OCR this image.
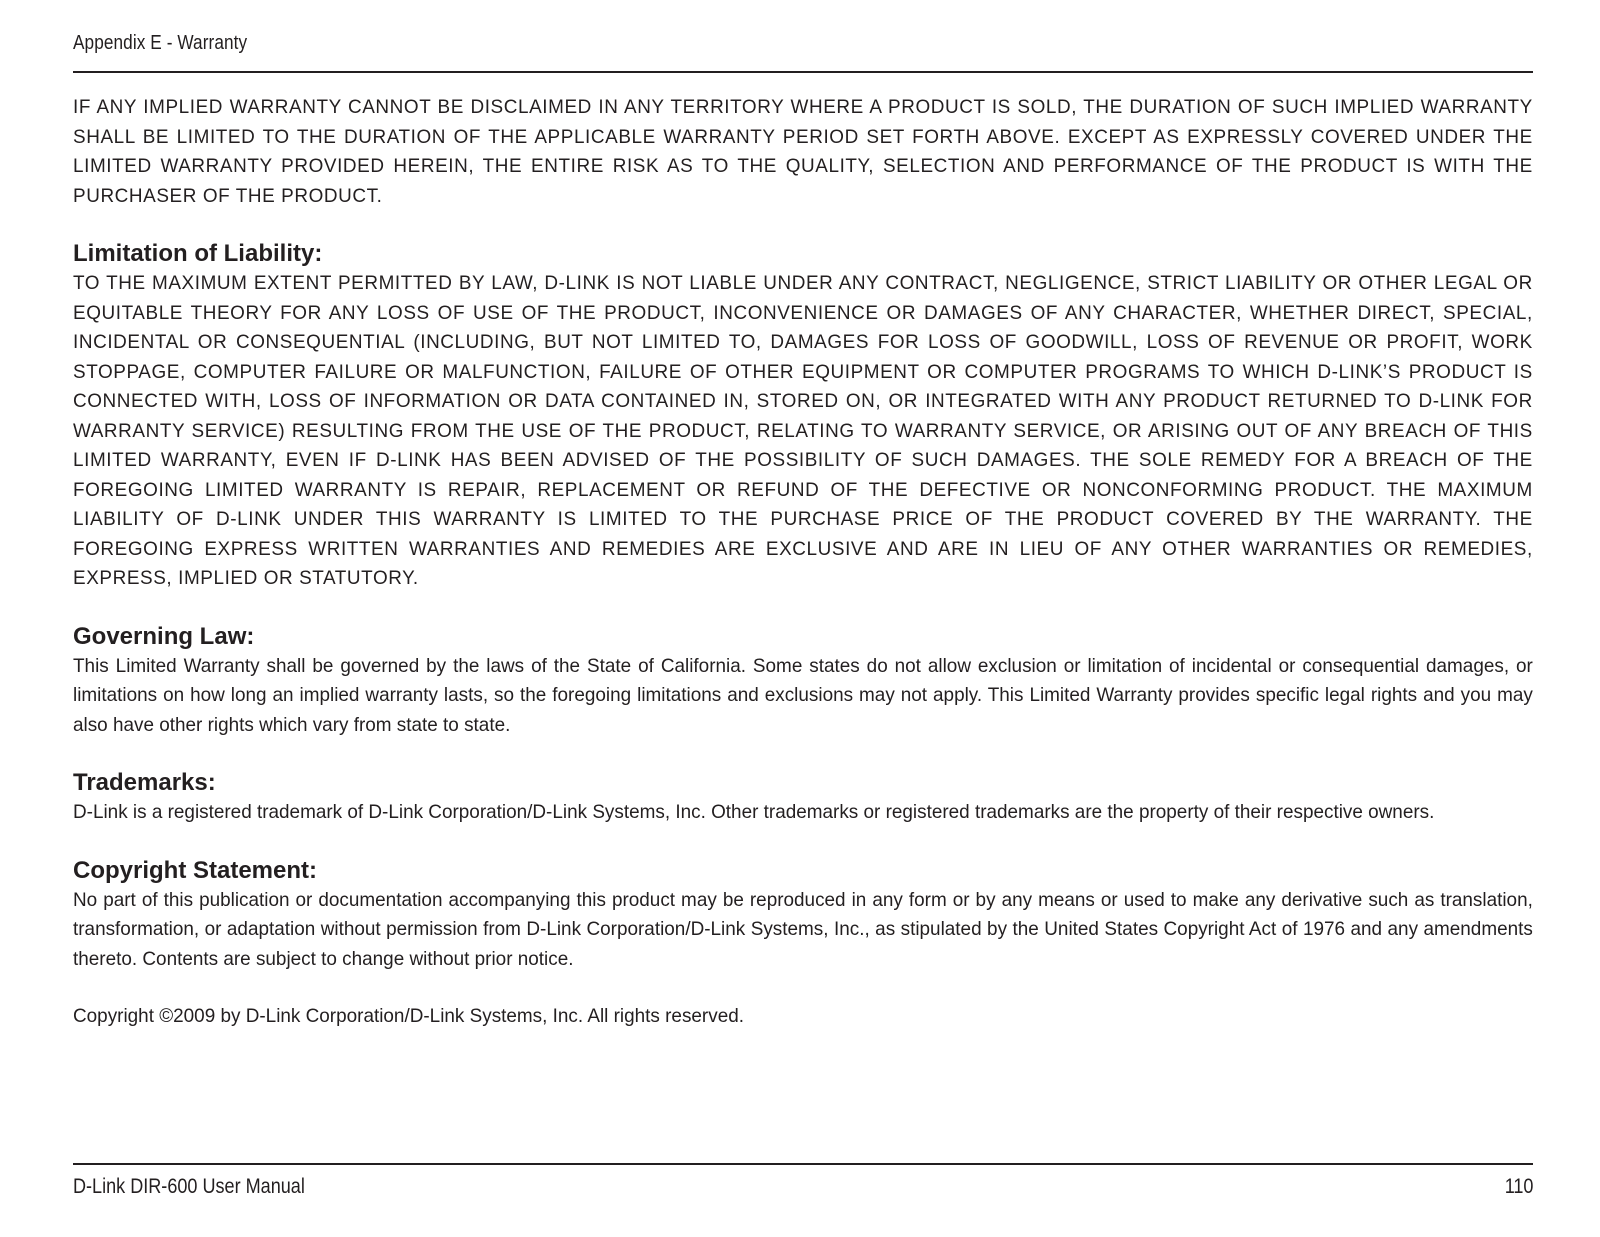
Appendix E - Warranty

IF ANY IMPLIED WARRANTY CANNOT BE DISCLAIMED IN ANY TERRITORY WHERE A PRODUCT IS SOLD, THE DURATION OF SUCH IMPLIED WARRANTY SHALL BE LIMITED TO THE DURATION OF THE APPLICABLE WARRANTY PERIOD SET FORTH ABOVE. EXCEPT AS EXPRESSLY COVERED UNDER THE LIMITED WARRANTY PROVIDED HEREIN, THE ENTIRE RISK AS TO THE QUALITY, SELECTION AND PERFORMANCE OF THE PRODUCT IS WITH THE PURCHASER OF THE PRODUCT.

Limitation of Liability:

TO THE MAXIMUM EXTENT PERMITTED BY LAW, D-LINK IS NOT LIABLE UNDER ANY CONTRACT, NEGLIGENCE, STRICT LIABILITY OR OTHER LEGAL OR EQUITABLE THEORY FOR ANY LOSS OF USE OF THE PRODUCT, INCONVENIENCE OR DAMAGES OF ANY CHARACTER, WHETHER DIRECT, SPECIAL, INCIDENTAL OR CONSEQUENTIAL (INCLUDING, BUT NOT LIMITED TO, DAMAGES FOR LOSS OF GOODWILL, LOSS OF REVENUE OR PROFIT, WORK STOPPAGE, COMPUTER FAILURE OR MALFUNCTION, FAILURE OF OTHER EQUIPMENT OR COMPUTER PROGRAMS TO WHICH D-LINK’S PRODUCT IS CONNECTED WITH, LOSS OF INFORMATION OR DATA CONTAINED IN, STORED ON, OR INTEGRATED WITH ANY PRODUCT RETURNED TO D-LINK FOR WARRANTY SERVICE) RESULTING FROM THE USE OF THE PRODUCT, RELATING TO WARRANTY SERVICE, OR ARISING OUT OF ANY BREACH OF THIS LIMITED WARRANTY, EVEN IF D-LINK HAS BEEN ADVISED OF THE POSSIBILITY OF SUCH DAMAGES. THE SOLE REMEDY FOR A BREACH OF THE FOREGOING LIMITED WARRANTY IS REPAIR, REPLACEMENT OR REFUND OF THE DEFECTIVE OR NONCONFORMING PRODUCT. THE MAXIMUM LIABILITY OF D-LINK UNDER THIS WARRANTY IS LIMITED TO THE PURCHASE PRICE OF THE PRODUCT COVERED BY THE WARRANTY. THE FOREGOING EXPRESS WRITTEN WARRANTIES AND REMEDIES ARE EXCLUSIVE AND ARE IN LIEU OF ANY OTHER WARRANTIES OR REMEDIES, EXPRESS, IMPLIED OR STATUTORY.

Governing Law:

This Limited Warranty shall be governed by the laws of the State of California. Some states do not allow exclusion or limitation of incidental or consequential damages, or limitations on how long an implied warranty lasts, so the foregoing limitations and exclusions may not apply. This Limited Warranty provides specific legal rights and you may also have other rights which vary from state to state.

Trademarks:

D-Link is a registered trademark of D-Link Corporation/D-Link Systems, Inc. Other trademarks or registered trademarks are the property of their respective owners.

Copyright Statement:

No part of this publication or documentation accompanying this product may be reproduced in any form or by any means or used to make any derivative such as translation, transformation, or adaptation without permission from D-Link Corporation/D-Link Systems, Inc., as stipulated by the United States Copyright Act of 1976 and any amendments thereto. Contents are subject to change without prior notice.

Copyright ©2009 by D-Link Corporation/D-Link Systems, Inc. All rights reserved.

D-Link DIR-600 User Manual	110
